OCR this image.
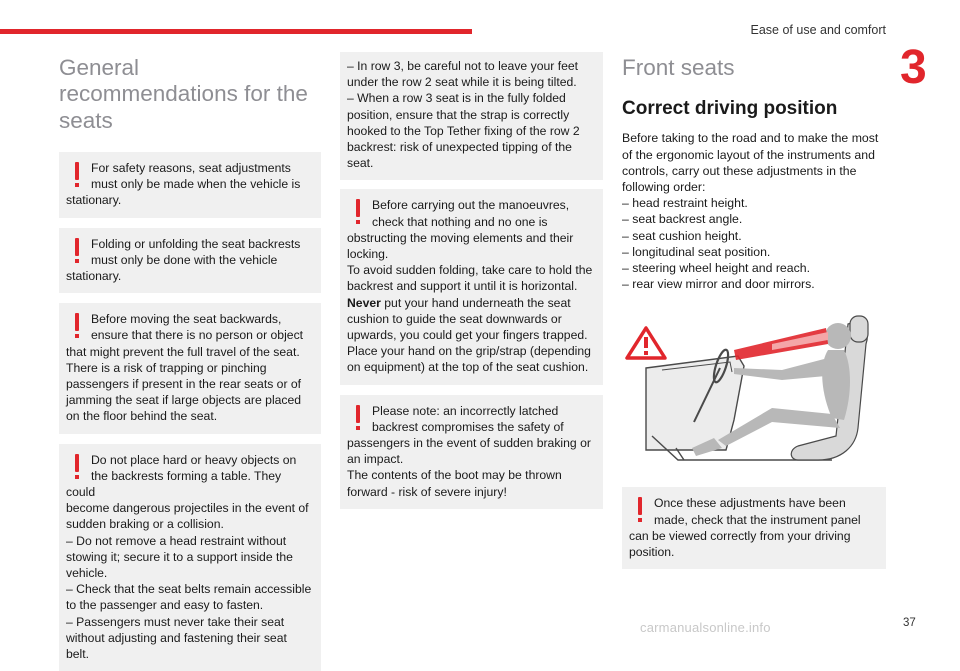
Ease of use and comfort
3
General recommendations for the seats

For safety reasons, seat adjustments
must only be made when the vehicle is
stationary.

Folding or unfolding the seat backrests
must only be done with the vehicle
stationary.

Before moving the seat backwards,
ensure that there is no person or object
that might prevent the full travel of the seat.
There is a risk of trapping or pinching
passengers if present in the rear seats or of
jamming the seat if large objects are placed
on the floor behind the seat.

Do not place hard or heavy objects on
the backrests forming a table. They could
become dangerous projectiles in the event of
sudden braking or a collision.
– Do not remove a head restraint without
stowing it; secure it to a support inside the
vehicle.
– Check that the seat belts remain accessible
to the passenger and easy to fasten.
– Passengers must never take their seat
without adjusting and fastening their seat belt.

– In row 3, be careful not to leave your feet
under the row 2 seat while it is being tilted.
– When a row 3 seat is in the fully folded
position, ensure that the strap is correctly
hooked to the Top Tether fixing of the row 2
backrest: risk of unexpected tipping of the
seat.

Before carrying out the manoeuvres,
check that nothing and no one is
obstructing the moving elements and their
locking.
To avoid sudden folding, take care to hold the
backrest and support it until it is horizontal.
Never put your hand underneath the seat
cushion to guide the seat downwards or
upwards, you could get your fingers trapped.
Place your hand on the grip/strap (depending
on equipment) at the top of the seat cushion.

Please note: an incorrectly latched
backrest compromises the safety of
passengers in the event of sudden braking or
an impact.
The contents of the boot may be thrown
forward - risk of severe injury!

Front seats
Correct driving position
Before taking to the road and to make the most
of the ergonomic layout of the instruments and
controls, carry out these adjustments in the
following order:
– head restraint height.
– seat backrest angle.
– seat cushion height.
– longitudinal seat position.
– steering wheel height and reach.
– rear view mirror and door mirrors.

Once these adjustments have been
made, check that the instrument panel
can be viewed correctly from your driving
position.

37
carmanualsonline.info
